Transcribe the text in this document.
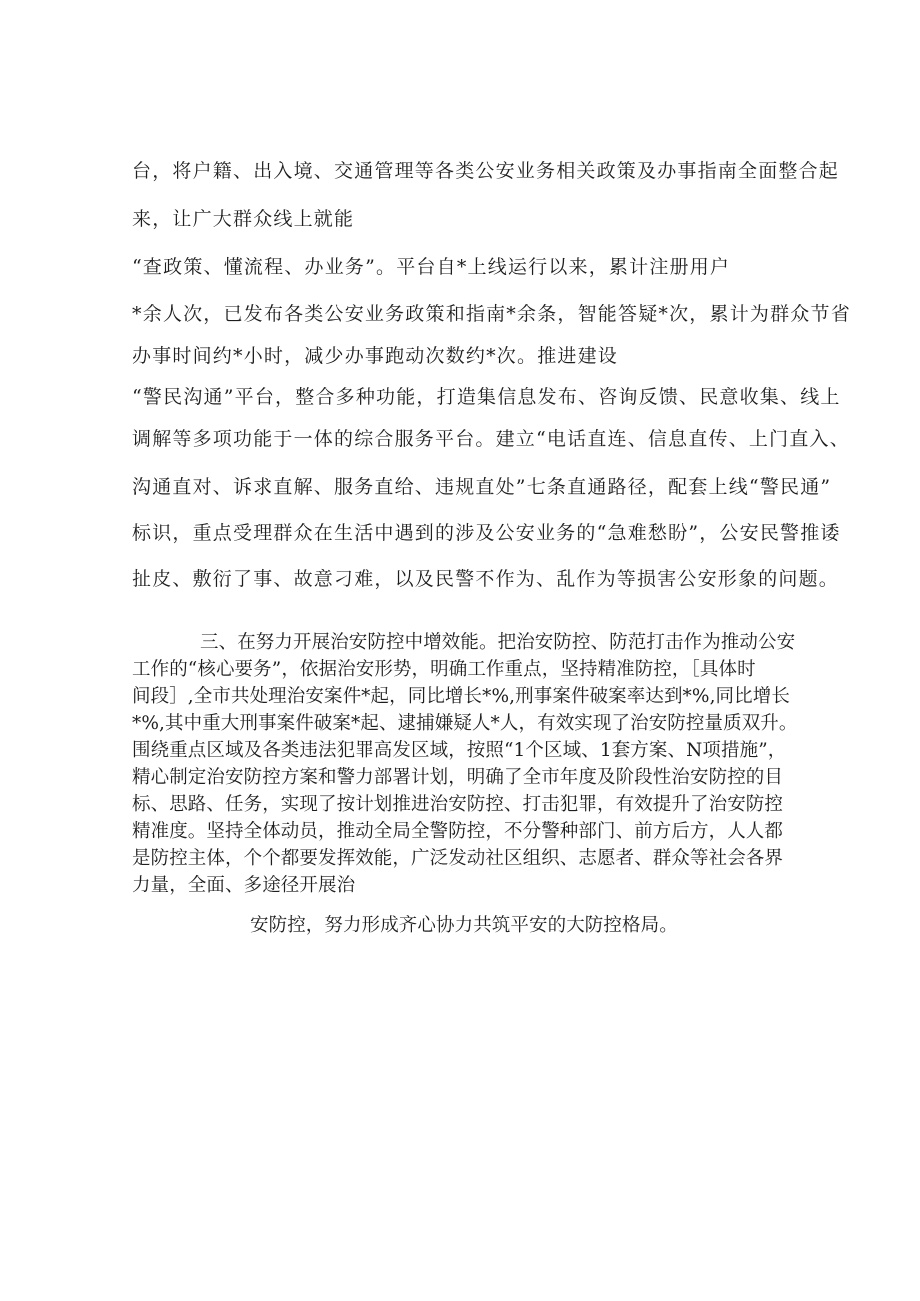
台，将户籍、出入境、交通管理等各类公安业务相关政策及办事指南全面整合起
来，让广大群众线上就能
“查政策、懂流程、办业务”。平台自*上线运行以来，累计注册用户
*余人次，已发布各类公安业务政策和指南*余条，智能答疑*次，累计为群众节省
办事时间约*小时，减少办事跑动次数约*次。推进建设
“警民沟通”平台，整合多种功能，打造集信息发布、咨询反馈、民意收集、线上
调解等多项功能于一体的综合服务平台。建立“电话直连、信息直传、上门直入、
沟通直对、诉求直解、服务直给、违规直处”七条直通路径，配套上线“警民通”
标识，重点受理群众在生活中遇到的涉及公安业务的“急难愁盼”，公安民警推诿
扯皮、敷衍了事、故意刁难，以及民警不作为、乱作为等损害公安形象的问题。
三、在努力开展治安防控中增效能。把治安防控、防范打击作为推动公安
工作的“核心要务”，依据治安形势，明确工作重点，坚持精准防控，［具体时
间段］,全市共处理治安案件*起，同比增长*%,刑事案件破案率达到*%,同比增长
*%,其中重大刑事案件破案*起、逮捕嫌疑人*人，有效实现了治安防控量质双升。
围绕重点区域及各类违法犯罪高发区域，按照“1个区域、1套方案、N项措施”，
精心制定治安防控方案和警力部署计划，明确了全市年度及阶段性治安防控的目
标、思路、任务，实现了按计划推进治安防控、打击犯罪，有效提升了治安防控
精准度。坚持全体动员，推动全局全警防控，不分警种部门、前方后方，人人都
是防控主体，个个都要发挥效能，广泛发动社区组织、志愿者、群众等社会各界
力量，全面、多途径开展治
安防控，努力形成齐心协力共筑平安的大防控格局。
